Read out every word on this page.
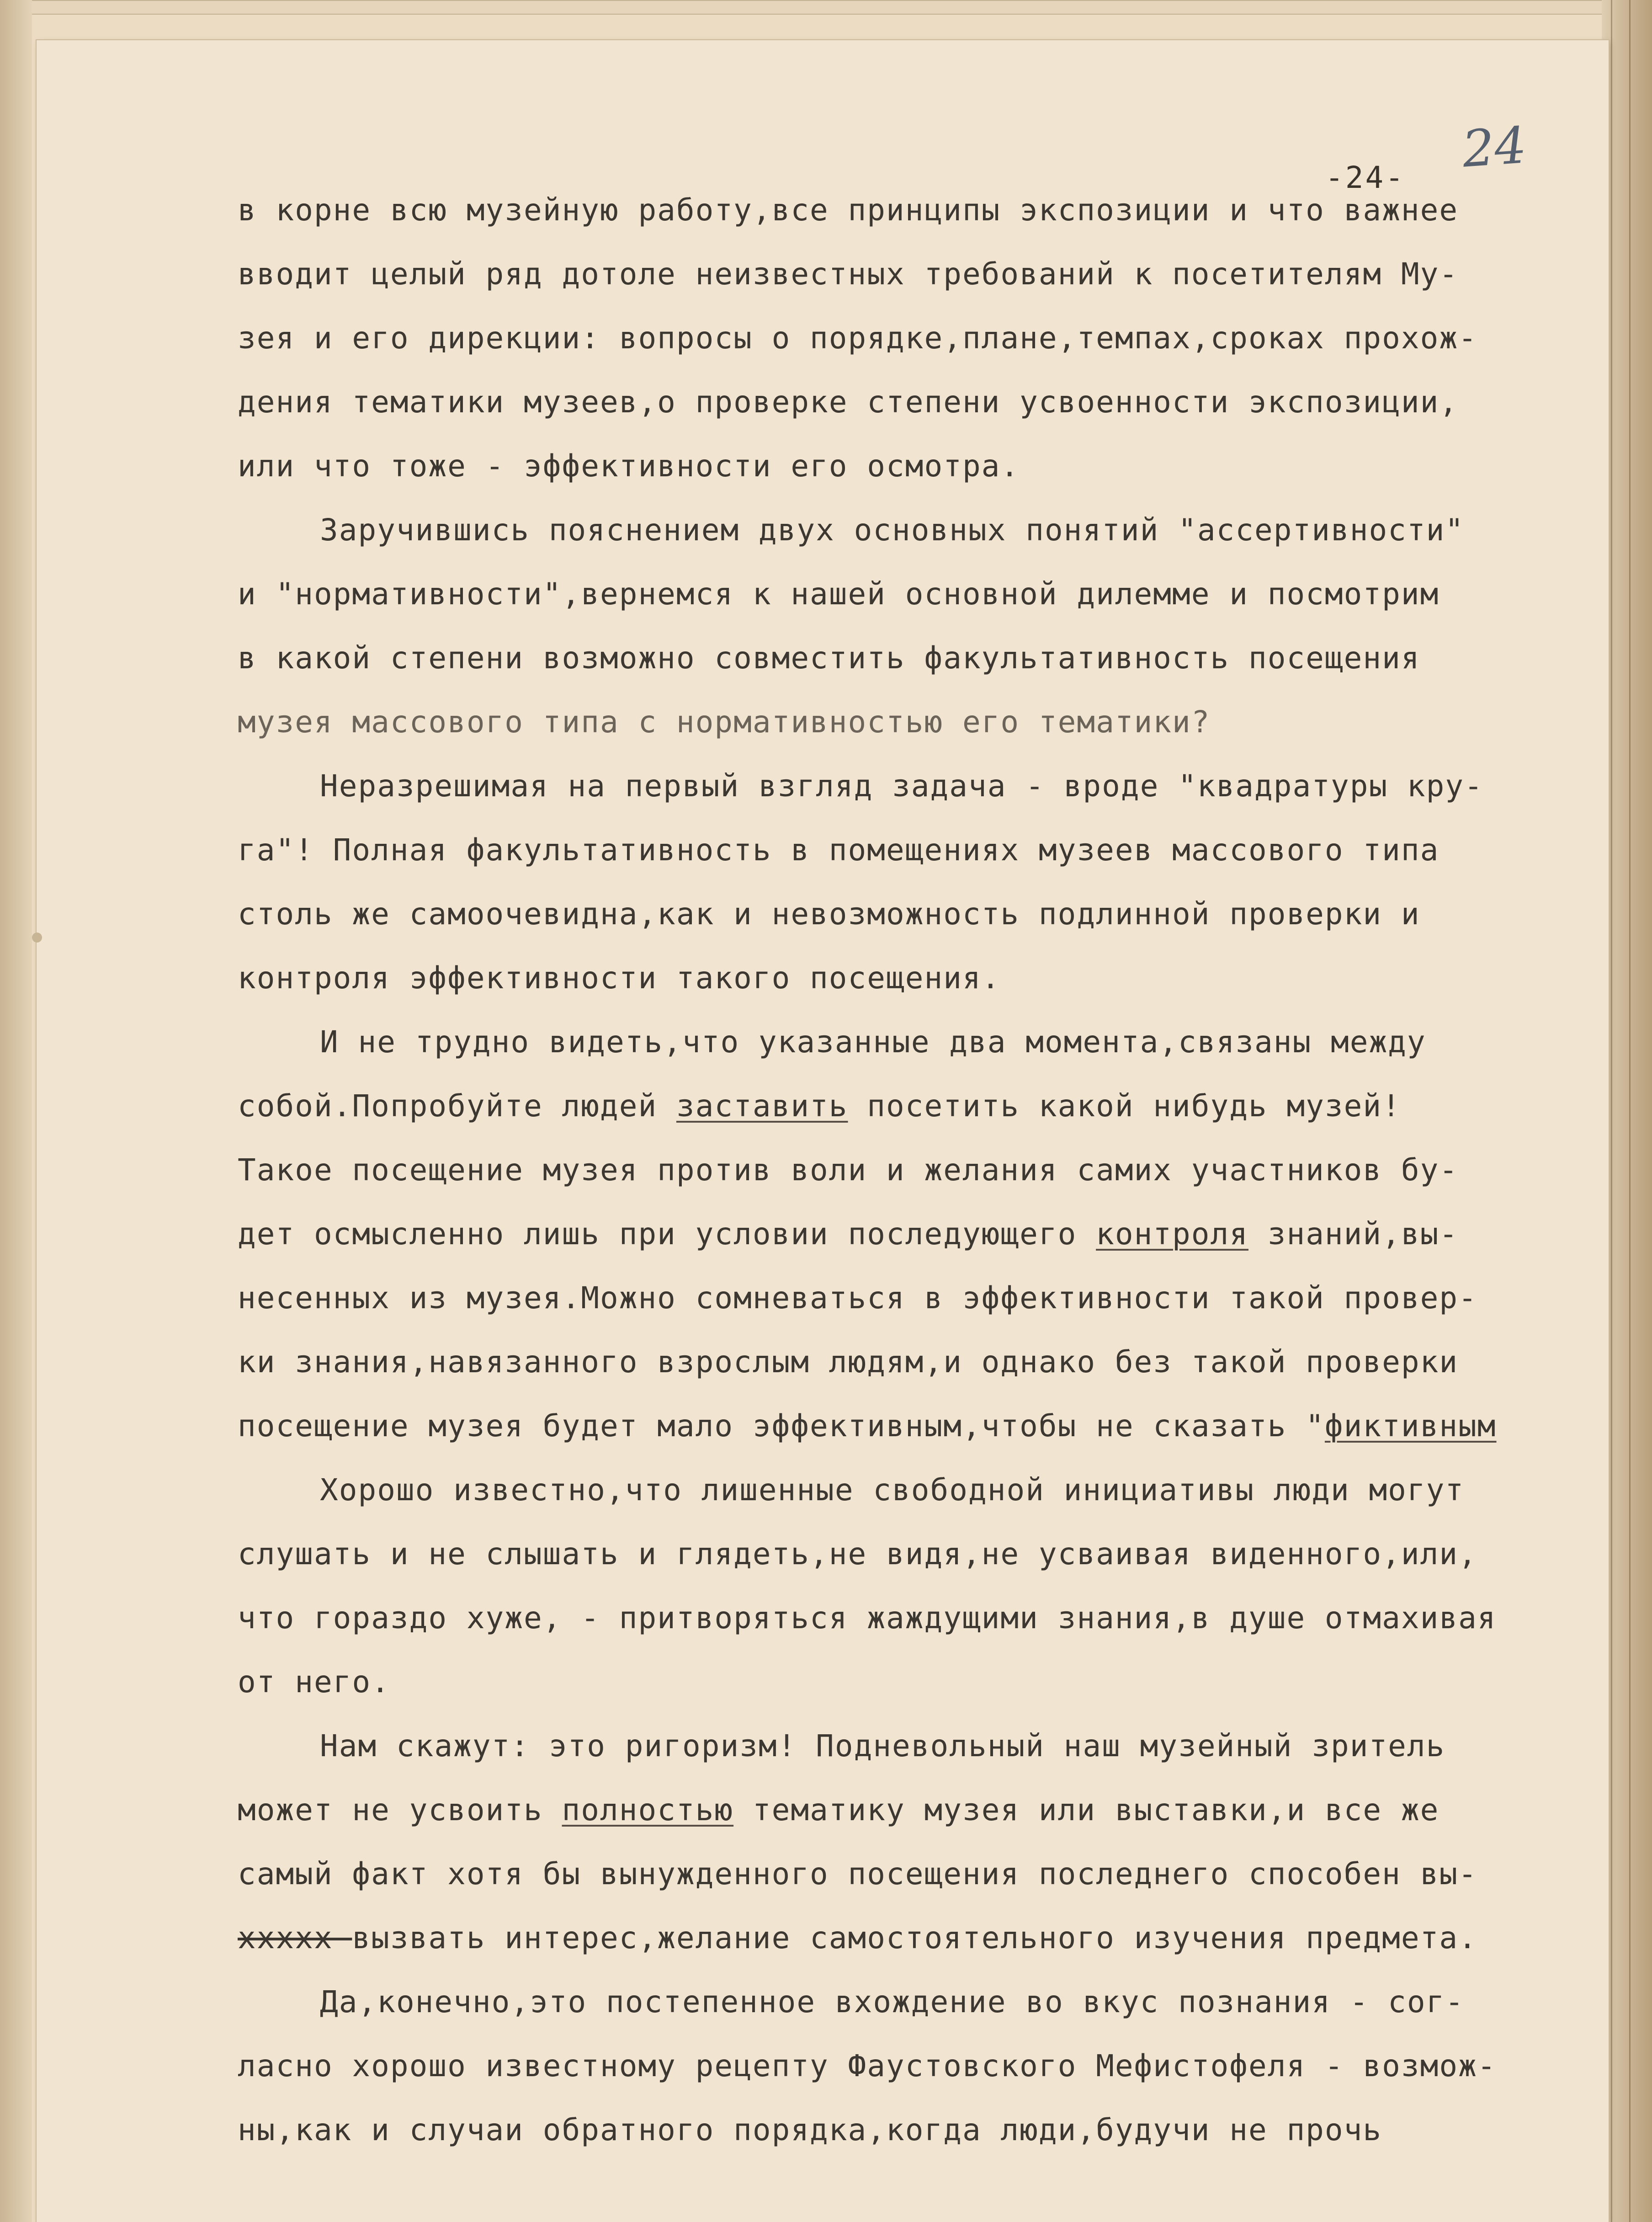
-24- 24
в корне всю музейную работу,все принципы экспозиции и что важнее
вводит целый ряд дотоле неизвестных требований к посетителям Му-
зея и его дирекции: вопросы о порядке,плане,темпах,сроках прохож-
дения тематики музеев,о проверке степени усвоенности экспозиции,
или что тоже - эффективности его осмотра.
Заручившись пояснением двух основных понятий "ассертивности"
и "нормативности",вернемся к нашей основной дилемме и посмотрим
в какой степени возможно совместить факультативность посещения
музея массового типа с нормативностью его тематики?
Неразрешимая на первый взгляд задача - вроде "квадратуры кру-
га"! Полная факультативность в помещениях музеев массового типа
столь же самоочевидна,как и невозможность подлинной проверки и
контроля эффективности такого посещения.
И не трудно видеть,что указанные два момента,связаны между
собой.Попробуйте людей заставить посетить какой нибудь музей!
Такое посещение музея против воли и желания самих участников бу-
дет осмысленно лишь при условии последующего контроля знаний,вы-
несенных из музея.Можно сомневаться в эффективности такой провер-
ки знания,навязанного взрослым людям,и однако без такой проверки
посещение музея будет мало эффективным,чтобы не сказать "фиктивным
Хорошо известно,что лишенные свободной инициативы люди могут
слушать и не слышать и глядеть,не видя,не усваивая виденного,или,
что гораздо хуже, - притворяться жаждущими знания,в душе отмахивая
от него.
Нам скажут: это ригоризм! Подневольный наш музейный зритель
может не усвоить полностью тематику музея или выставки,и все же
самый факт хотя бы вынужденного посещения последнего способен вы-
ххххх вызвать интерес,желание самостоятельного изучения предмета.
Да,конечно,это постепенное вхождение во вкус познания - сог-
ласно хорошо известному рецепту Фаустовского Мефистофеля - возмож-
ны,как и случаи обратного порядка,когда люди,будучи не прочь
